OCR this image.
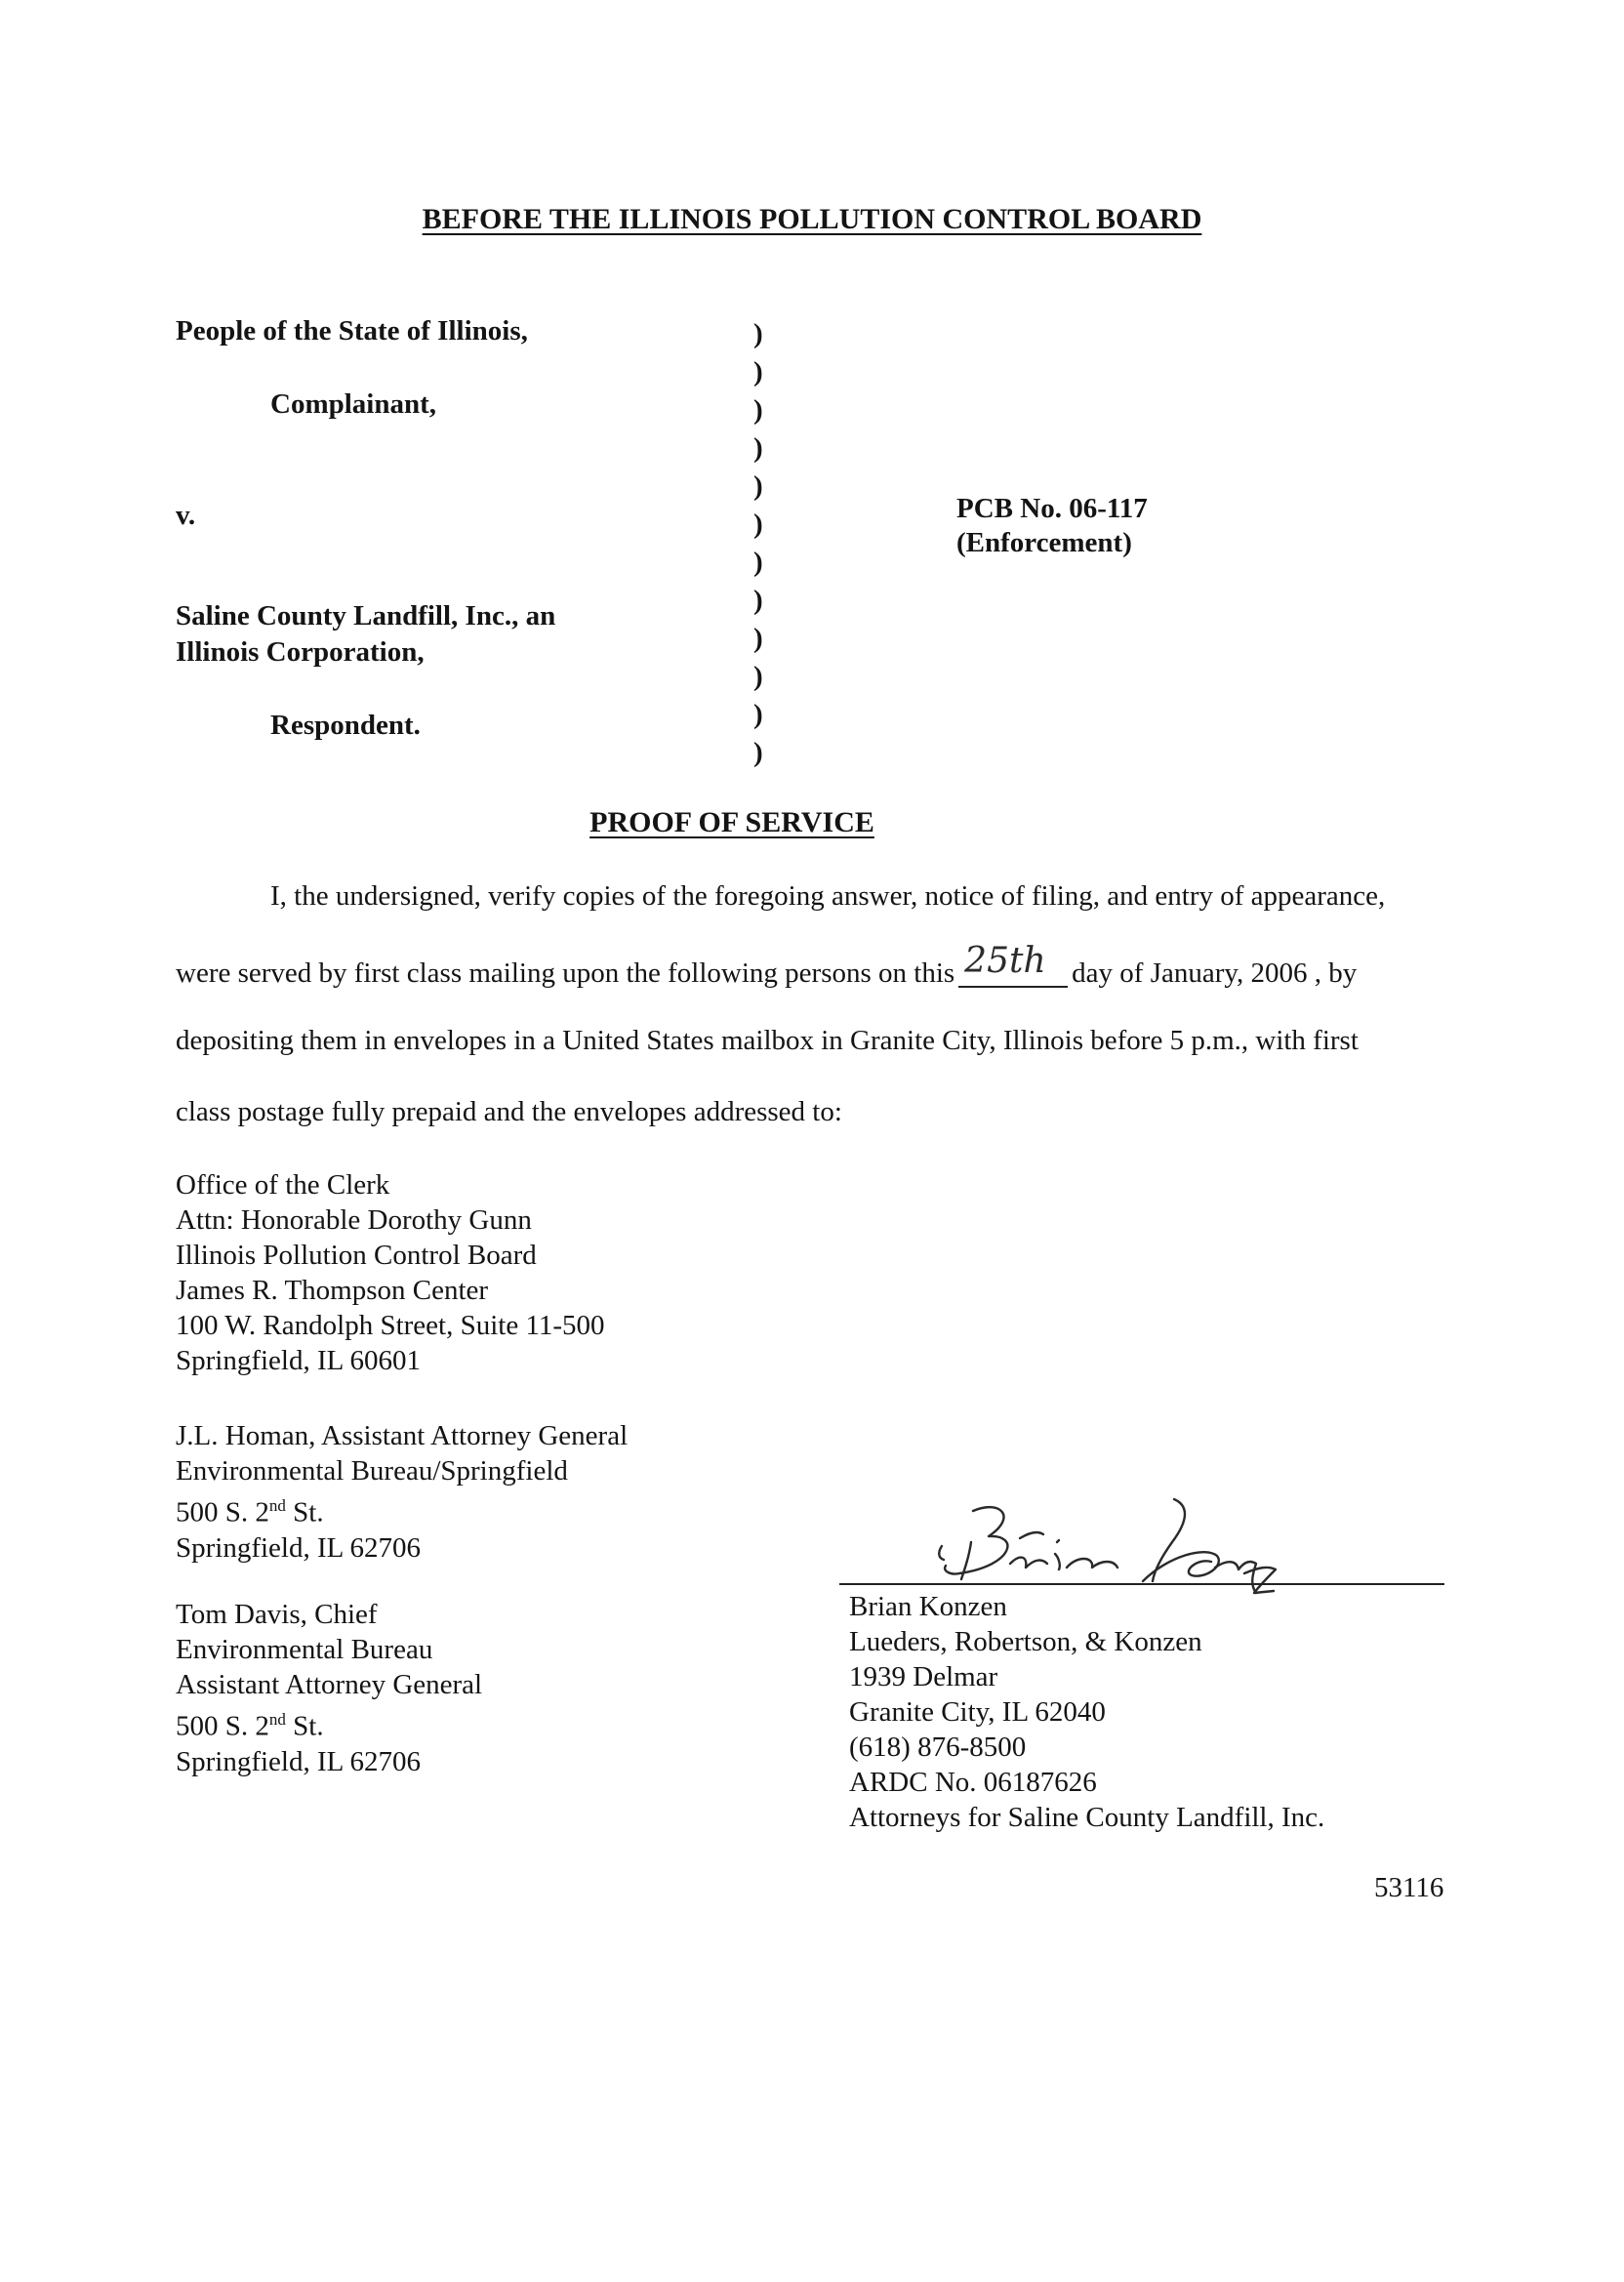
BEFORE THE ILLINOIS POLLUTION CONTROL BOARD
People of the State of Illinois,
Complainant,
v.
Saline County Landfill, Inc., an
Illinois Corporation,
Respondent.
)
)
)
)
)
)
)
)
)
)
)
)
PCB No. 06-117
(Enforcement)
PROOF OF SERVICE
I, the undersigned, verify copies of the foregoing answer, notice of filing, and entry of appearance,
were served by first class mailing upon the following persons on this 25th day of January, 2006 , by
depositing them in envelopes in a United States mailbox in Granite City, Illinois before 5 p.m., with first
class postage fully prepaid and the envelopes addressed to:
Office of the Clerk
Attn: Honorable Dorothy Gunn
Illinois Pollution Control Board
James R. Thompson Center
100 W. Randolph Street, Suite 11-500
Springfield, IL 60601
J.L. Homan, Assistant Attorney General
Environmental Bureau/Springfield
500 S. 2nd St.
Springfield, IL 62706
Tom Davis, Chief
Environmental Bureau
Assistant Attorney General
500 S. 2nd St.
Springfield, IL 62706
Brian Konzen
Brian Konzen
Lueders, Robertson, & Konzen
1939 Delmar
Granite City, IL 62040
(618) 876-8500
ARDC No. 06187626
Attorneys for Saline County Landfill, Inc.
53116
